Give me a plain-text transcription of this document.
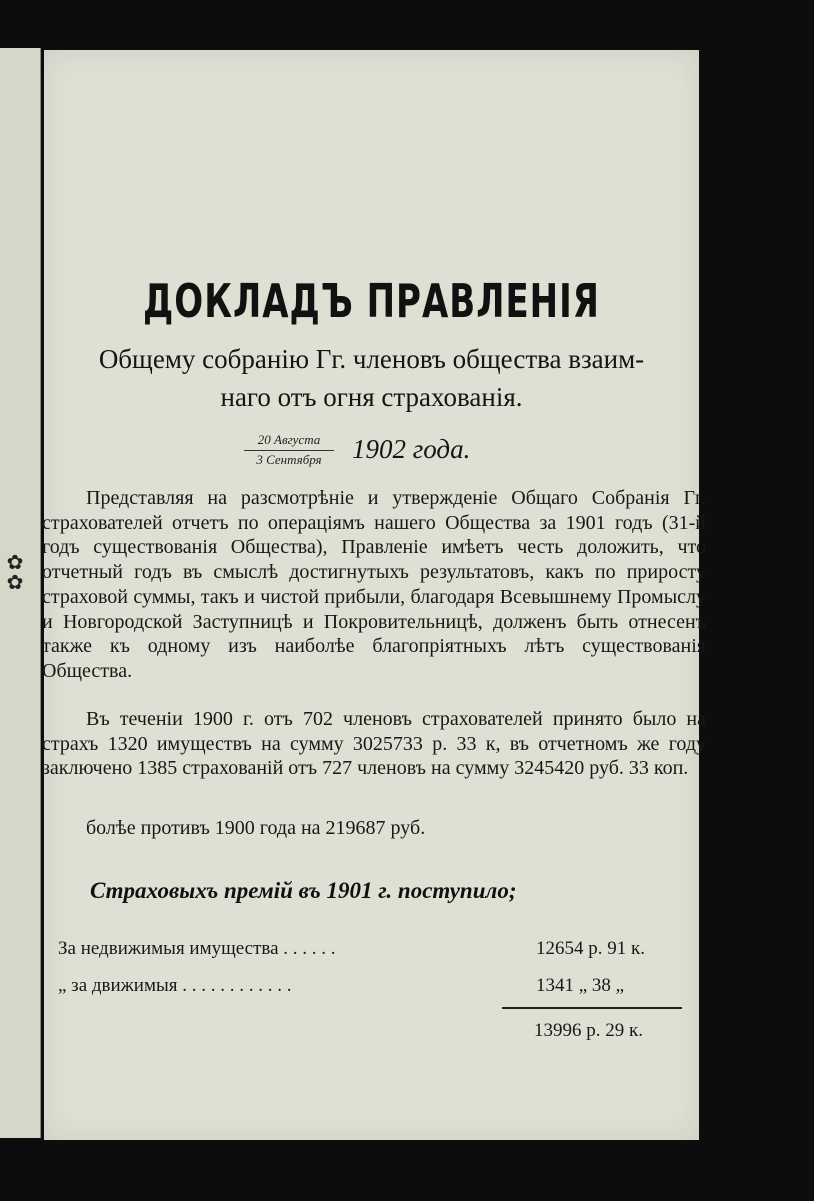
✿
✿
ДОКЛАДЪ ПРАВЛЕНІЯ
Общему собранію Гг. членовъ общества взаим-
наго отъ огня страхованія.
20 Августа
3 Сентября	1902 года.
Представляя на разсмотрѣніе и утвержденіе Общаго Собранія Гг. страхователей отчетъ по операціямъ нашего Общества за 1901 годъ (31-й годъ существованія Общества), Правленіе имѣетъ честь доложить, что отчетный годъ въ смыслѣ достигнутыхъ результатовъ, какъ по приросту страховой суммы, такъ и чистой прибыли, благодаря Всевышнему Промыслу и Новгородской Заступницѣ и Покровительницѣ, долженъ быть отнесенъ также къ одному изъ наиболѣе благопріятныхъ лѣтъ существованія Общества.
Въ теченіи 1900 г. отъ 702 членовъ страхователей принято было на страхъ 1320 имуществъ на сумму 3025733 р. 33 к, въ отчетномъ же году заключено 1385 страхованій отъ 727 членовъ на сумму 3245420 руб. 33 коп.
болѣе противъ 1900 года на 219687 руб.
Страховыхъ премій въ 1901 г. поступило;
За недвижимыя имущества . . . . . .	12654 р. 91 к.
„ за движимыя . . . . . . . . . . . .	1341 „ 38 „
13996 р. 29 к.
